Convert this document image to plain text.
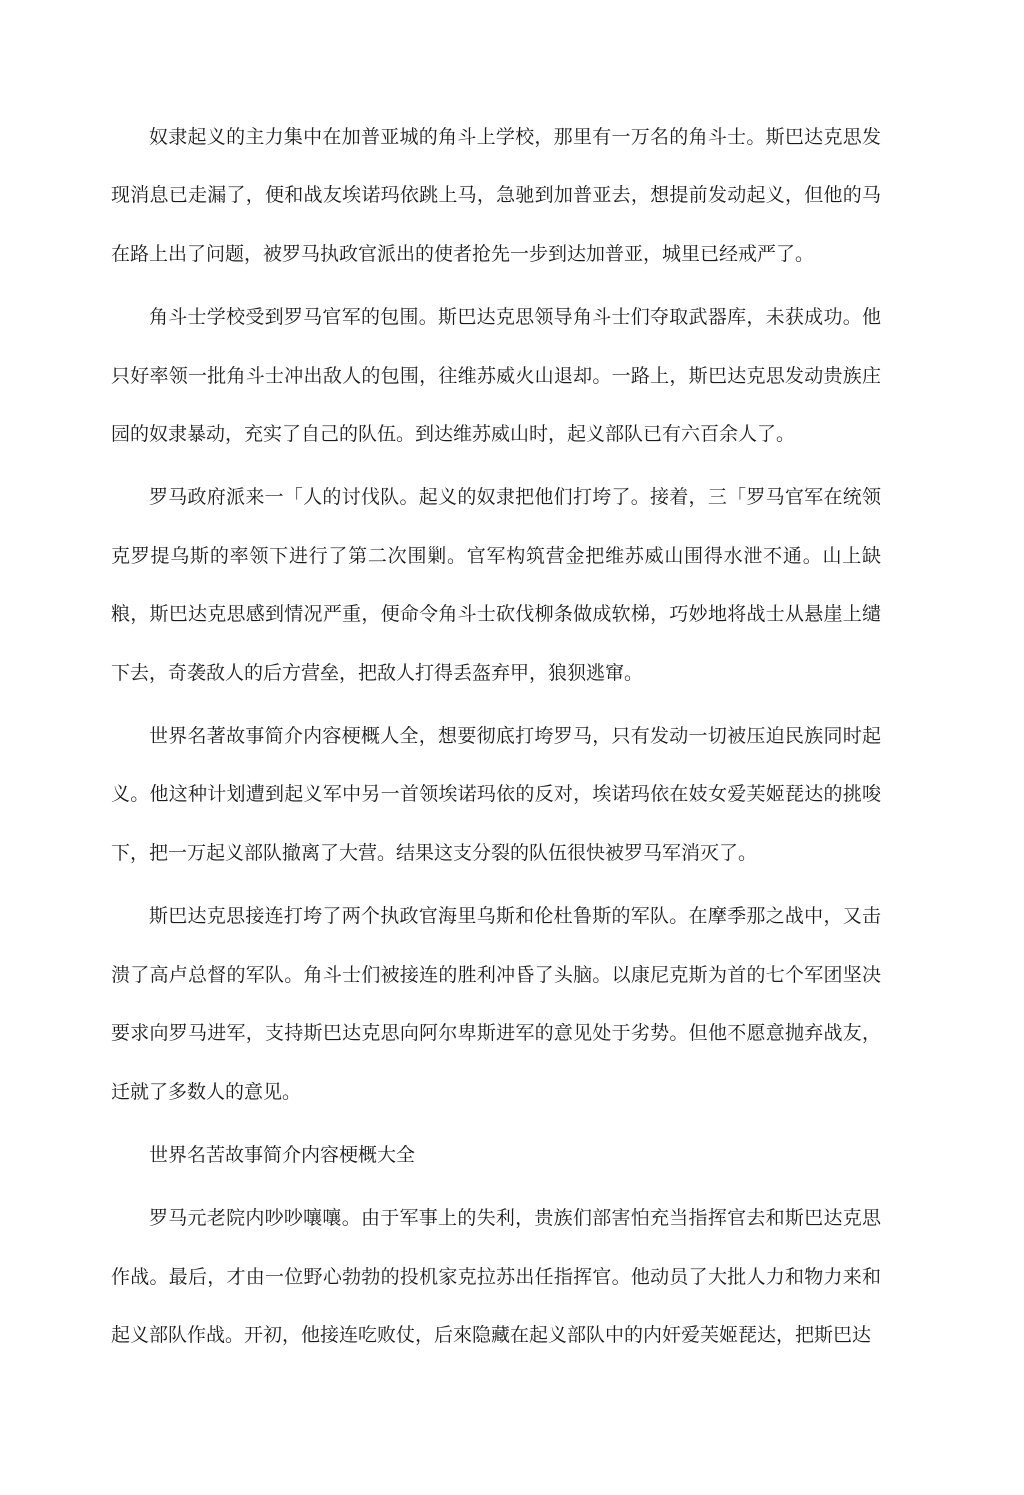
奴隶起义的主力集中在加普亚城的角斗上学校，那里有一万名的角斗士。斯巴达克思发现消息已走漏了，便和战友埃诺玛依跳上马，急驰到加普亚去，想提前发动起义，但他的马在路上出了问题，被罗马执政官派出的使者抢先一步到达加普亚，城里已经戒严了。

角斗士学校受到罗马官军的包围。斯巴达克思领导角斗士们夺取武器库，未获成功。他只好率领一批角斗士冲出敌人的包围，往维苏威火山退却。一路上，斯巴达克思发动贵族庄园的奴隶暴动，充实了自己的队伍。到达维苏威山时，起义部队已有六百余人了。

罗马政府派来一「人的讨伐队。起义的奴隶把他们打垮了。接着，三「罗马官军在统领克罗提乌斯的率领下进行了第二次围剿。官军构筑营金把维苏威山围得水泄不通。山上缺粮，斯巴达克思感到情况严重，便命令角斗士砍伐柳条做成软梯，巧妙地将战士从悬崖上缱下去，奇袭敌人的后方营垒，把敌人打得丢盔弃甲，狼狈逃窜。

世界名著故事简介内容梗概人全，想要彻底打垮罗马，只有发动一切被压迫民族同时起义。他这种计划遭到起义军中另一首领埃诺玛依的反对，埃诺玛依在妓女爱芙姬琵达的挑唆下，把一万起义部队撤离了大营。结果这支分裂的队伍很快被罗马军消灭了。

斯巴达克思接连打垮了两个执政官海里乌斯和伦杜鲁斯的军队。在摩季那之战中，又击溃了高卢总督的军队。角斗士们被接连的胜利冲昏了头脑。以康尼克斯为首的七个军团坚决要求向罗马进军，支持斯巴达克思向阿尔卑斯进军的意见处于劣势。但他不愿意抛弃战友，迁就了多数人的意见。

世界名苦故事简介内容梗概大全

罗马元老院内吵吵嚷嚷。由于军事上的失利，贵族们部害怕充当指挥官去和斯巴达克思作战。最后，才由一位野心勃勃的投机家克拉苏出任指挥官。他动员了大批人力和物力来和起义部队作战。开初，他接连吃败仗，后來隐藏在起义部队中的内奸爱芙姬琵达，把斯巴达
